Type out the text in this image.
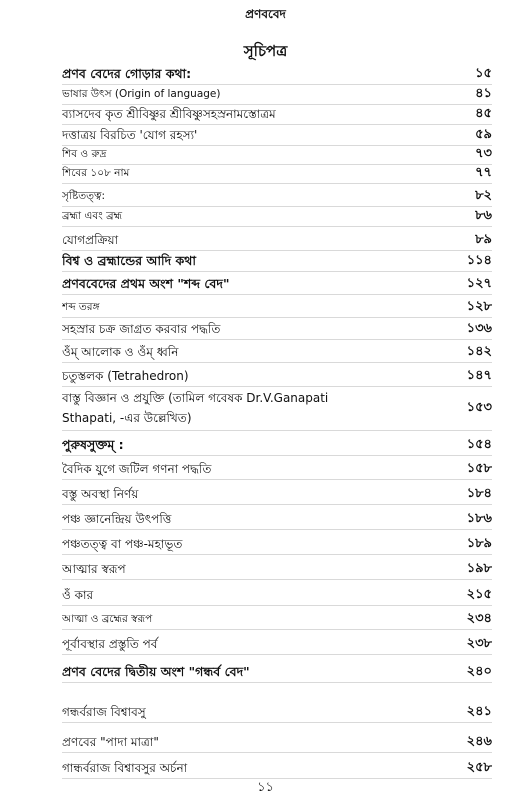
প্রণববেদ
সূচিপত্র
প্রণব বেদের গোড়ার কথা:	১৫
ভাষার উৎস (Origin of language)	৪১
ব্যাসদেব কৃত শ্রীবিষ্ণুর শ্রীবিষ্ণুসহস্রনামস্তোত্রম	৪৫
দত্তাত্রয় বিরচিত 'যোগ রহস্য'	৫৯
শিব ও রুদ্র	৭৩
শিবের ১০৮ নাম	৭৭
সৃষ্টিতত্ত্ব:	৮২
ব্রহ্মা এবং ব্রহ্ম	৮৬
যোগপ্রক্রিয়া	৮৯
বিশ্ব ও ব্রহ্মান্ডের আদি কথা	১১৪
প্রণববেদের প্রথম অংশ "শব্দ বেদ"	১২৭
শব্দ তরঙ্গ	১২৮
সহস্রার চক্র জাগ্রত করবার পদ্ধতি	১৩৬
ওঁম্ আলোক ও ওঁম্ ধ্বনি	১৪২
চতুস্তলক (Tetrahedron)	১৪৭
বাস্তু বিজ্ঞান ও প্রযুক্তি (তামিল গবেষক Dr.V.Ganapati Sthapati, -এর উল্লেখিত)
১৫৩
পুরুষসুক্তম্ :	১৫৪
বৈদিক যুগে জটিল গণনা পদ্ধতি	১৫৮
বস্তু অবস্থা নির্ণয়	১৮৪
পঞ্চ জ্ঞানেন্দ্রিয় উৎপত্তি	১৮৬
পঞ্চতত্ত্ব বা পঞ্চ-মহাভূত	১৮৯
আত্মার স্বরূপ	১৯৮
ওঁ কার	২১৫
আত্মা ও ব্রহ্মের স্বরূপ	২৩৪
পূর্বাবস্থার প্রস্তুতি পর্ব	২৩৮
প্রণব বেদের দ্বিতীয় অংশ "গন্ধর্ব বেদ"	২৪০
গন্ধর্বরাজ বিশ্বাবসু	২৪১
প্রণবের "পাদা মাত্রা"	২৪৬
গান্ধর্বরাজ বিশ্বাবসুর অর্চনা	২৫৮
১১
